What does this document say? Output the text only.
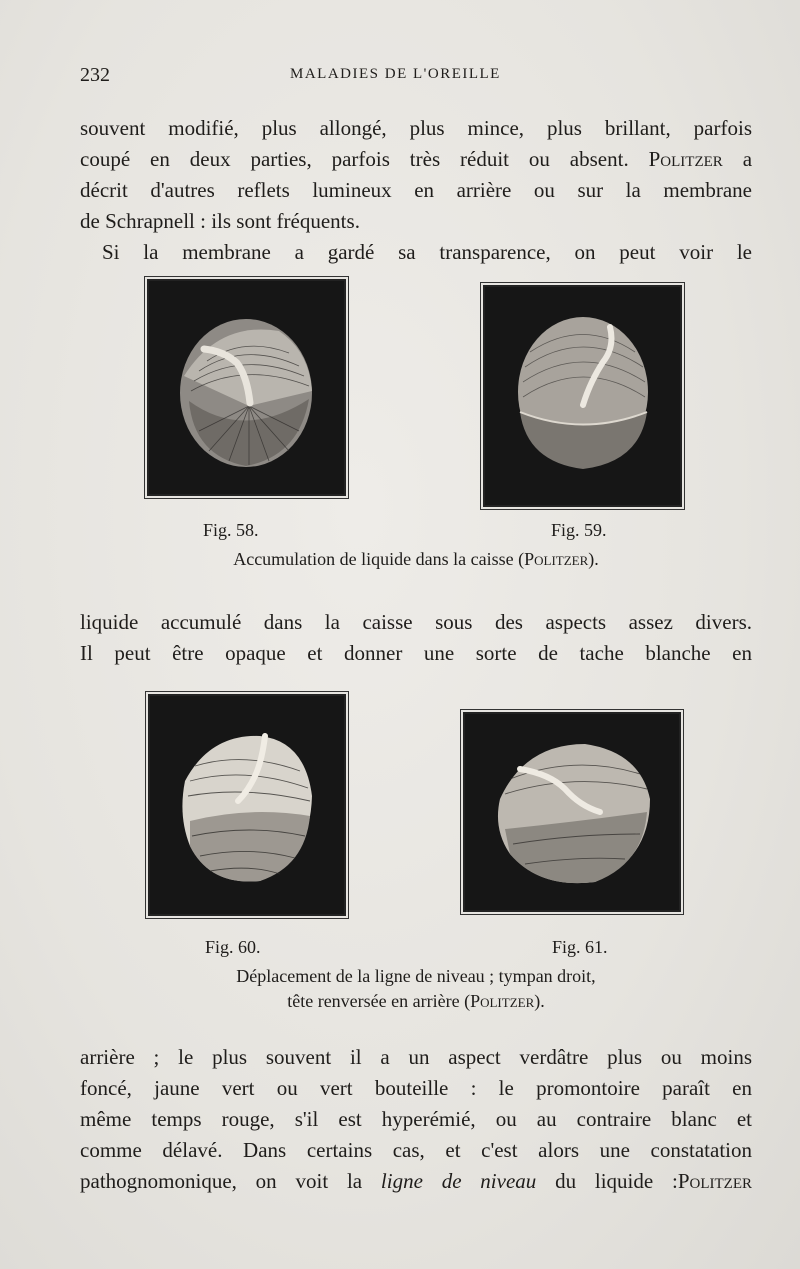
232	MALADIES DE L'OREILLE

souvent modifié, plus allongé, plus mince, plus brillant, parfois
coupé en deux parties, parfois très réduit ou absent. Politzer a
décrit d'autres reflets lumineux en arrière ou sur la membrane
de Schrapnell : ils sont fréquents.
Si la membrane a gardé sa transparence, on peut voir le

Fig. 58.	Fig. 59.
Accumulation de liquide dans la caisse (Politzer).

liquide accumulé dans la caisse sous des aspects assez divers.
Il peut être opaque et donner une sorte de tache blanche en

Fig. 60.	Fig. 61.
Déplacement de la ligne de niveau ; tympan droit,
tête renversée en arrière (Politzer).

arrière ; le plus souvent il a un aspect verdâtre plus ou moins
foncé, jaune vert ou vert bouteille : le promontoire paraît en
même temps rouge, s'il est hyperémié, ou au contraire blanc et
comme délavé. Dans certains cas, et c'est alors une constatation
pathognomonique, on voit la ligne de niveau du liquide :Politzer
